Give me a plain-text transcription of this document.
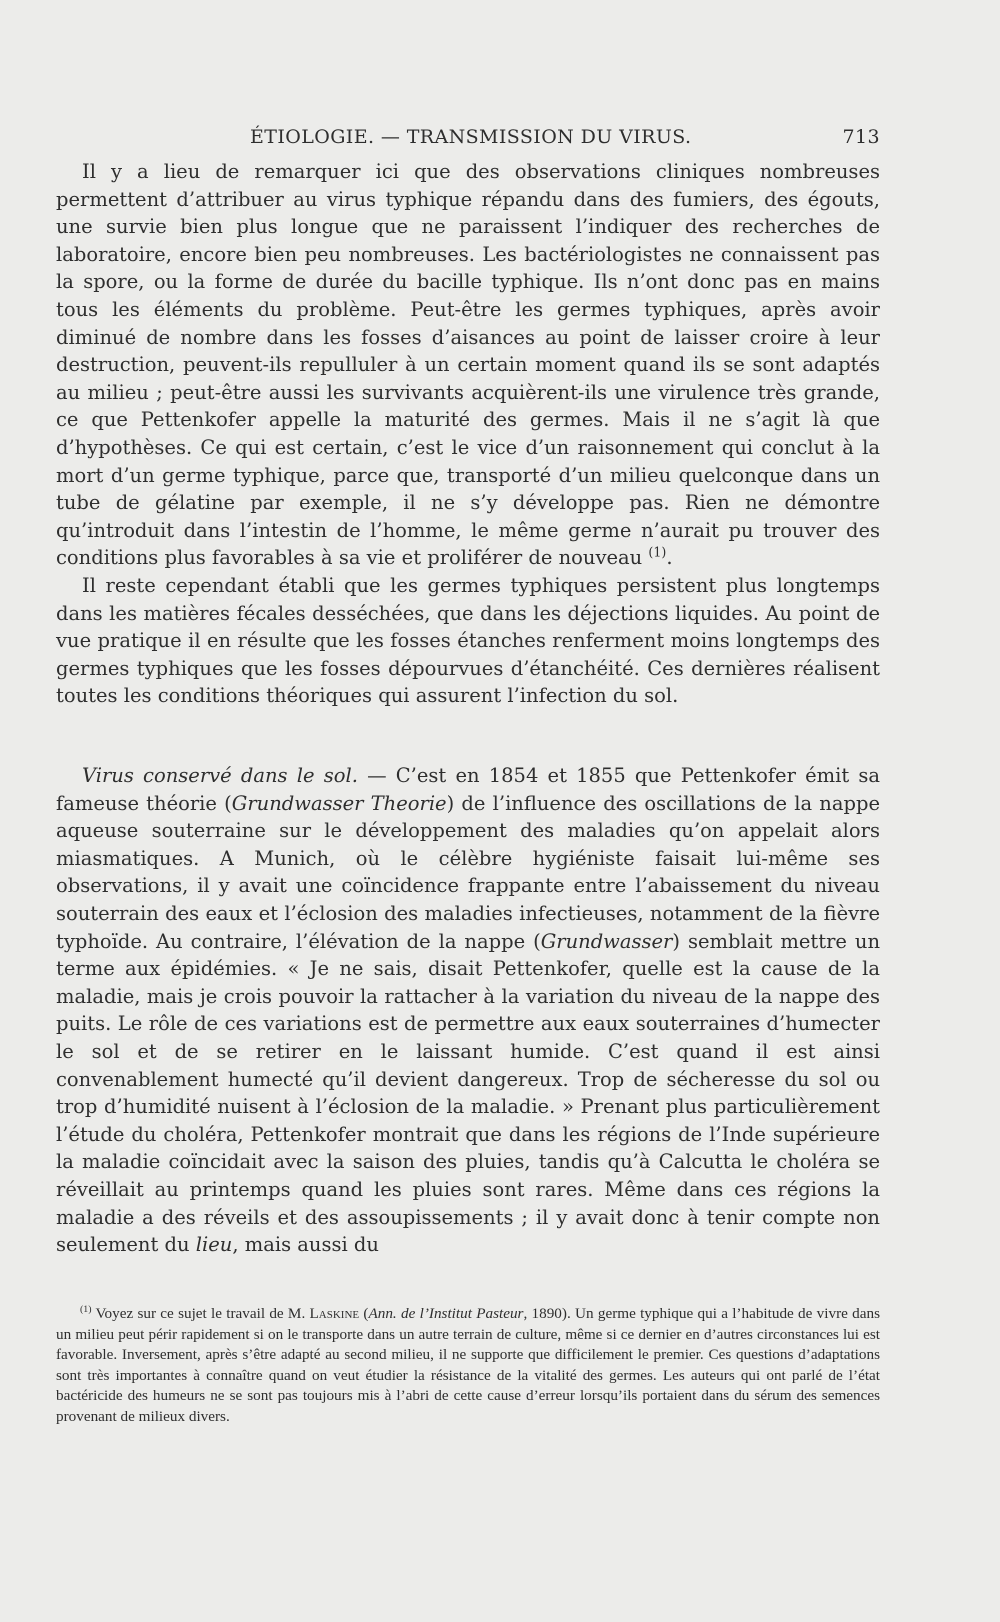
ÉTIOLOGIE. — TRANSMISSION DU VIRUS.	713

Il y a lieu de remarquer ici que des observations cliniques nombreuses permettent d’attribuer au virus typhique répandu dans des fumiers, des égouts, une survie bien plus longue que ne paraissent l’indiquer des recherches de laboratoire, encore bien peu nombreuses. Les bactériologistes ne connaissent pas la spore, ou la forme de durée du bacille typhique. Ils n’ont donc pas en mains tous les éléments du problème. Peut-être les germes typhiques, après avoir diminué de nombre dans les fosses d’aisances au point de laisser croire à leur destruction, peuvent-ils repulluler à un certain moment quand ils se sont adaptés au milieu ; peut-être aussi les survivants acquièrent-ils une virulence très grande, ce que Pettenkofer appelle la maturité des germes. Mais il ne s’agit là que d’hypothèses. Ce qui est certain, c’est le vice d’un raisonnement qui conclut à la mort d’un germe typhique, parce que, transporté d’un milieu quelconque dans un tube de gélatine par exemple, il ne s’y développe pas. Rien ne démontre qu’introduit dans l’intestin de l’homme, le même germe n’aurait pu trouver des conditions plus favorables à sa vie et proliférer de nouveau $^{(1)}$.

Il reste cependant établi que les germes typhiques persistent plus longtemps dans les matières fécales desséchées, que dans les déjections liquides. Au point de vue pratique il en résulte que les fosses étanches renferment moins longtemps des germes typhiques que les fosses dépourvues d’étanchéité. Ces dernières réalisent toutes les conditions théoriques qui assurent l’infection du sol.

Virus conservé dans le sol. — C’est en 1854 et 1855 que Pettenkofer émit sa fameuse théorie (Grundwasser Theorie) de l’influence des oscillations de la nappe aqueuse souterraine sur le développement des maladies qu’on appelait alors miasmatiques. A Munich, où le célèbre hygiéniste faisait lui-même ses observations, il y avait une coïncidence frappante entre l’abaissement du niveau souterrain des eaux et l’éclosion des maladies infectieuses, notamment de la fièvre typhoïde. Au contraire, l’élévation de la nappe (Grundwasser) semblait mettre un terme aux épidémies. « Je ne sais, disait Pettenkofer, quelle est la cause de la maladie, mais je crois pouvoir la rattacher à la variation du niveau de la nappe des puits. Le rôle de ces variations est de permettre aux eaux souterraines d’humecter le sol et de se retirer en le laissant humide. C’est quand il est ainsi convenablement humecté qu’il devient dangereux. Trop de sécheresse du sol ou trop d’humidité nuisent à l’éclosion de la maladie. » Prenant plus particulièrement l’étude du choléra, Pettenkofer montrait que dans les régions de l’Inde supérieure la maladie coïncidait avec la saison des pluies, tandis qu’à Calcutta le choléra se réveillait au printemps quand les pluies sont rares. Même dans ces régions la maladie a des réveils et des assoupissements ; il y avait donc à tenir compte non seulement du lieu, mais aussi du

$^{(1)}$ Voyez sur ce sujet le travail de M. Laskine (Ann. de l’Institut Pasteur, 1890). Un germe typhique qui a l’habitude de vivre dans un milieu peut périr rapidement si on le transporte dans un autre terrain de culture, même si ce dernier en d’autres circonstances lui est favorable. Inversement, après s’être adapté au second milieu, il ne supporte que difficilement le premier. Ces questions d’adaptations sont très importantes à connaître quand on veut étudier la résistance de la vitalité des germes. Les auteurs qui ont parlé de l’état bactéricide des humeurs ne se sont pas toujours mis à l’abri de cette cause d’erreur lorsqu’ils portaient dans du sérum des semences provenant de milieux divers.
